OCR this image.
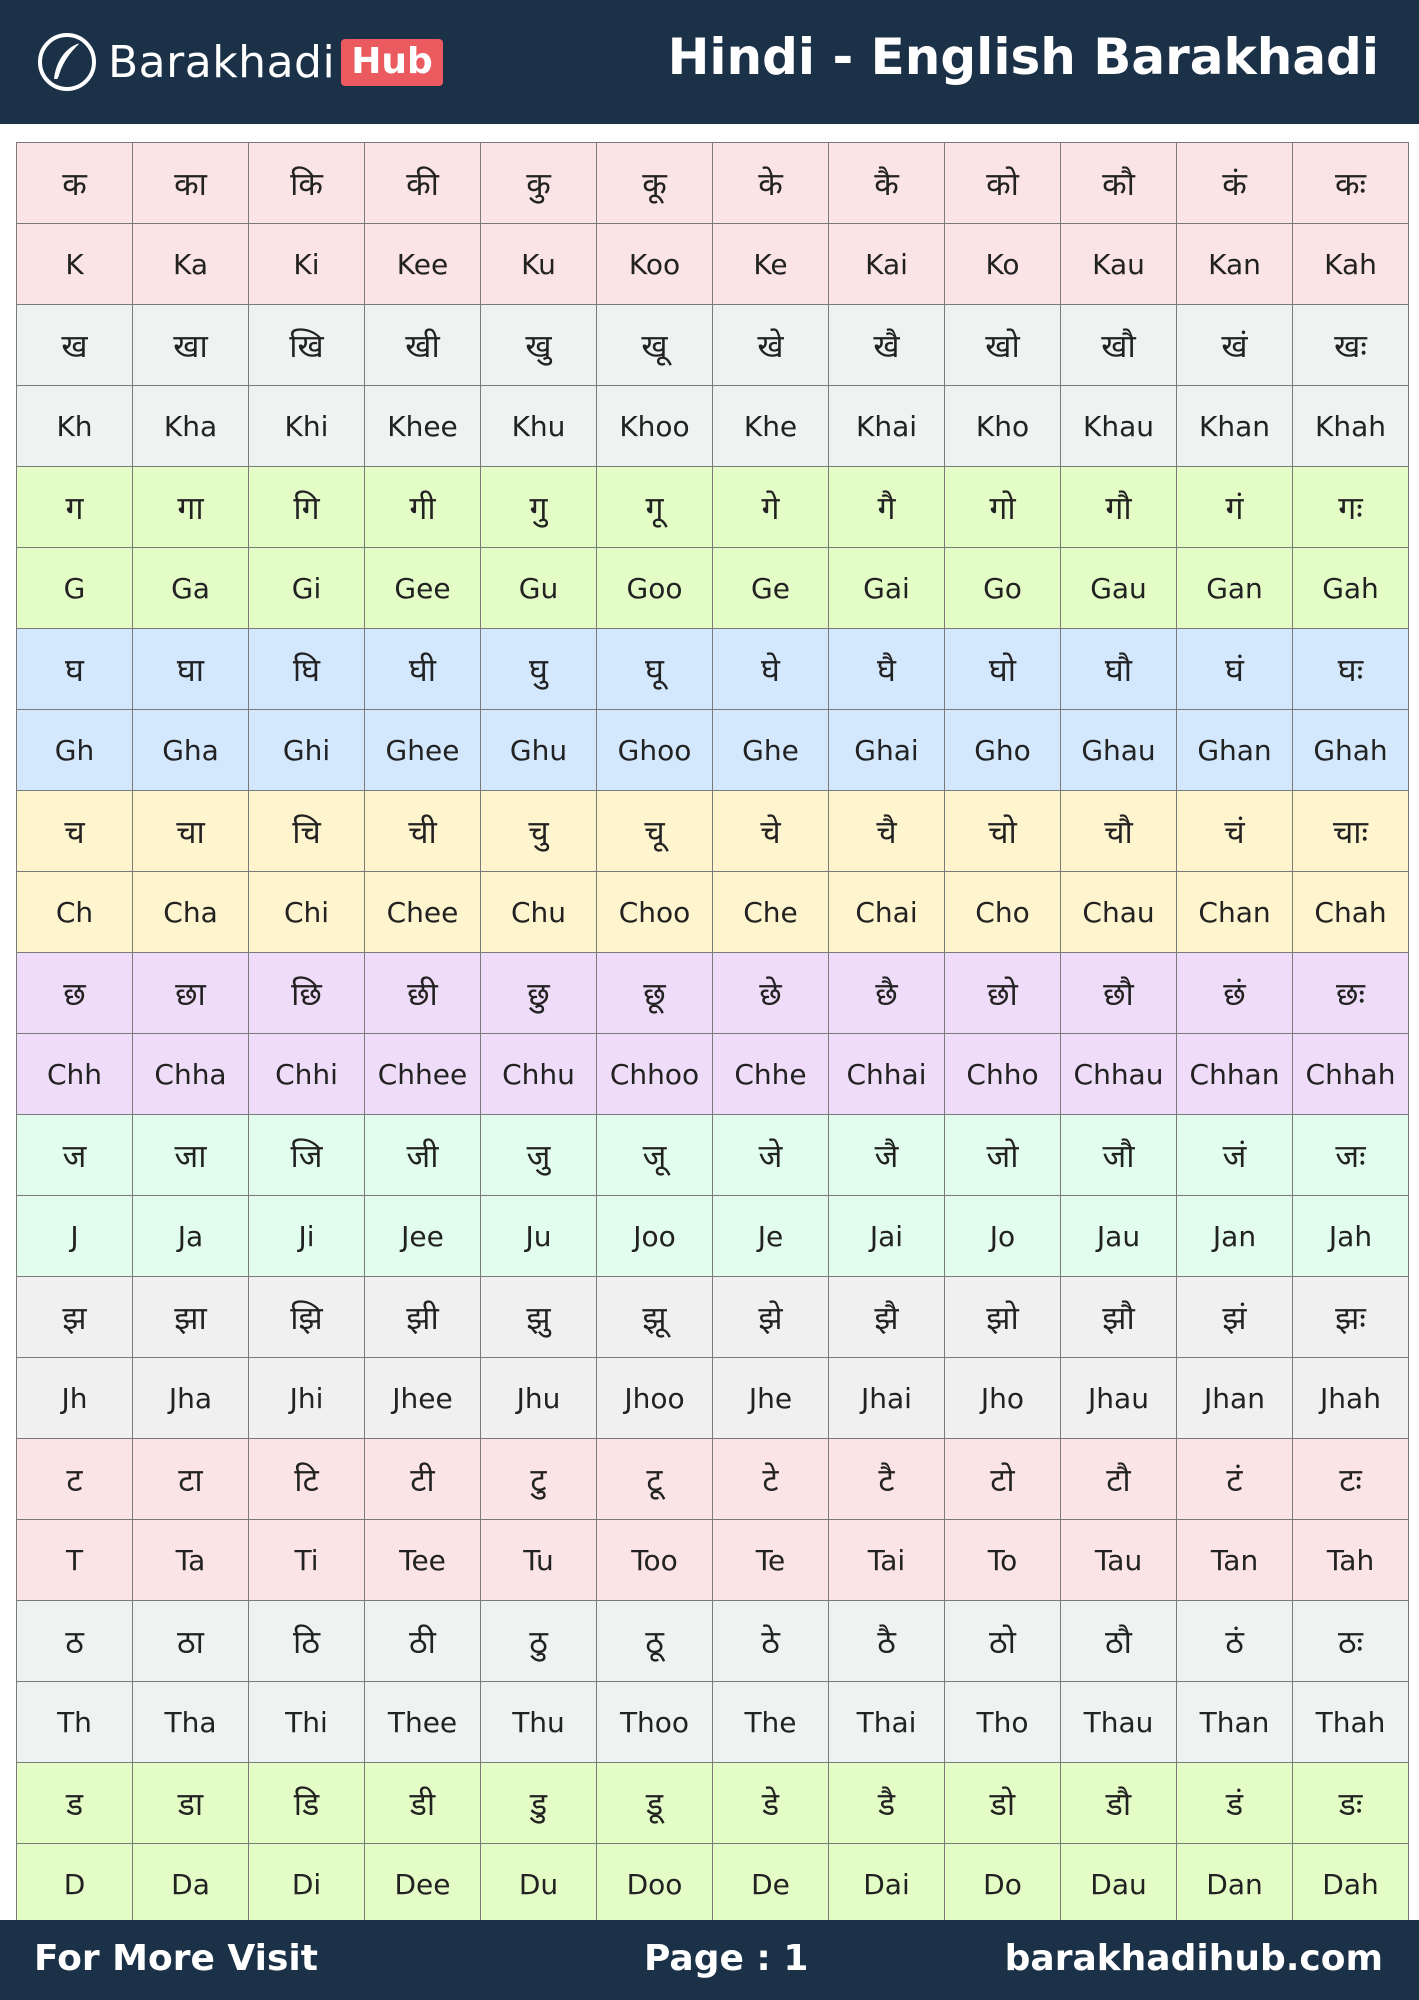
Barakhadi Hub	Hindi - English Barakhadi
क	का	कि	की	कु	कू	के	कै	को	कौ	कं	कः
K	Ka	Ki	Kee	Ku	Koo	Ke	Kai	Ko	Kau	Kan	Kah
ख	खा	खि	खी	खु	खू	खे	खै	खो	खौ	खं	खः
Kh	Kha	Khi	Khee	Khu	Khoo	Khe	Khai	Kho	Khau	Khan	Khah
ग	गा	गि	गी	गु	गू	गे	गै	गो	गौ	गं	गः
G	Ga	Gi	Gee	Gu	Goo	Ge	Gai	Go	Gau	Gan	Gah
घ	घा	घि	घी	घु	घू	घे	घै	घो	घौ	घं	घः
Gh	Gha	Ghi	Ghee	Ghu	Ghoo	Ghe	Ghai	Gho	Ghau	Ghan	Ghah
च	चा	चि	ची	चु	चू	चे	चै	चो	चौ	चं	चाः
Ch	Cha	Chi	Chee	Chu	Choo	Che	Chai	Cho	Chau	Chan	Chah
छ	छा	छि	छी	छु	छू	छे	छै	छो	छौ	छं	छः
Chh	Chha	Chhi	Chhee	Chhu	Chhoo	Chhe	Chhai	Chho	Chhau	Chhan	Chhah
ज	जा	जि	जी	जु	जू	जे	जै	जो	जौ	जं	जः
J	Ja	Ji	Jee	Ju	Joo	Je	Jai	Jo	Jau	Jan	Jah
झ	झा	झि	झी	झु	झू	झे	झै	झो	झौ	झं	झः
Jh	Jha	Jhi	Jhee	Jhu	Jhoo	Jhe	Jhai	Jho	Jhau	Jhan	Jhah
ट	टा	टि	टी	टु	टू	टे	टै	टो	टौ	टं	टः
T	Ta	Ti	Tee	Tu	Too	Te	Tai	To	Tau	Tan	Tah
ठ	ठा	ठि	ठी	ठु	ठू	ठे	ठै	ठो	ठौ	ठं	ठः
Th	Tha	Thi	Thee	Thu	Thoo	The	Thai	Tho	Thau	Than	Thah
ड	डा	डि	डी	डु	डू	डे	डै	डो	डौ	डं	डः
D	Da	Di	Dee	Du	Doo	De	Dai	Do	Dau	Dan	Dah
For More Visit	Page : 1	barakhadihub.com
